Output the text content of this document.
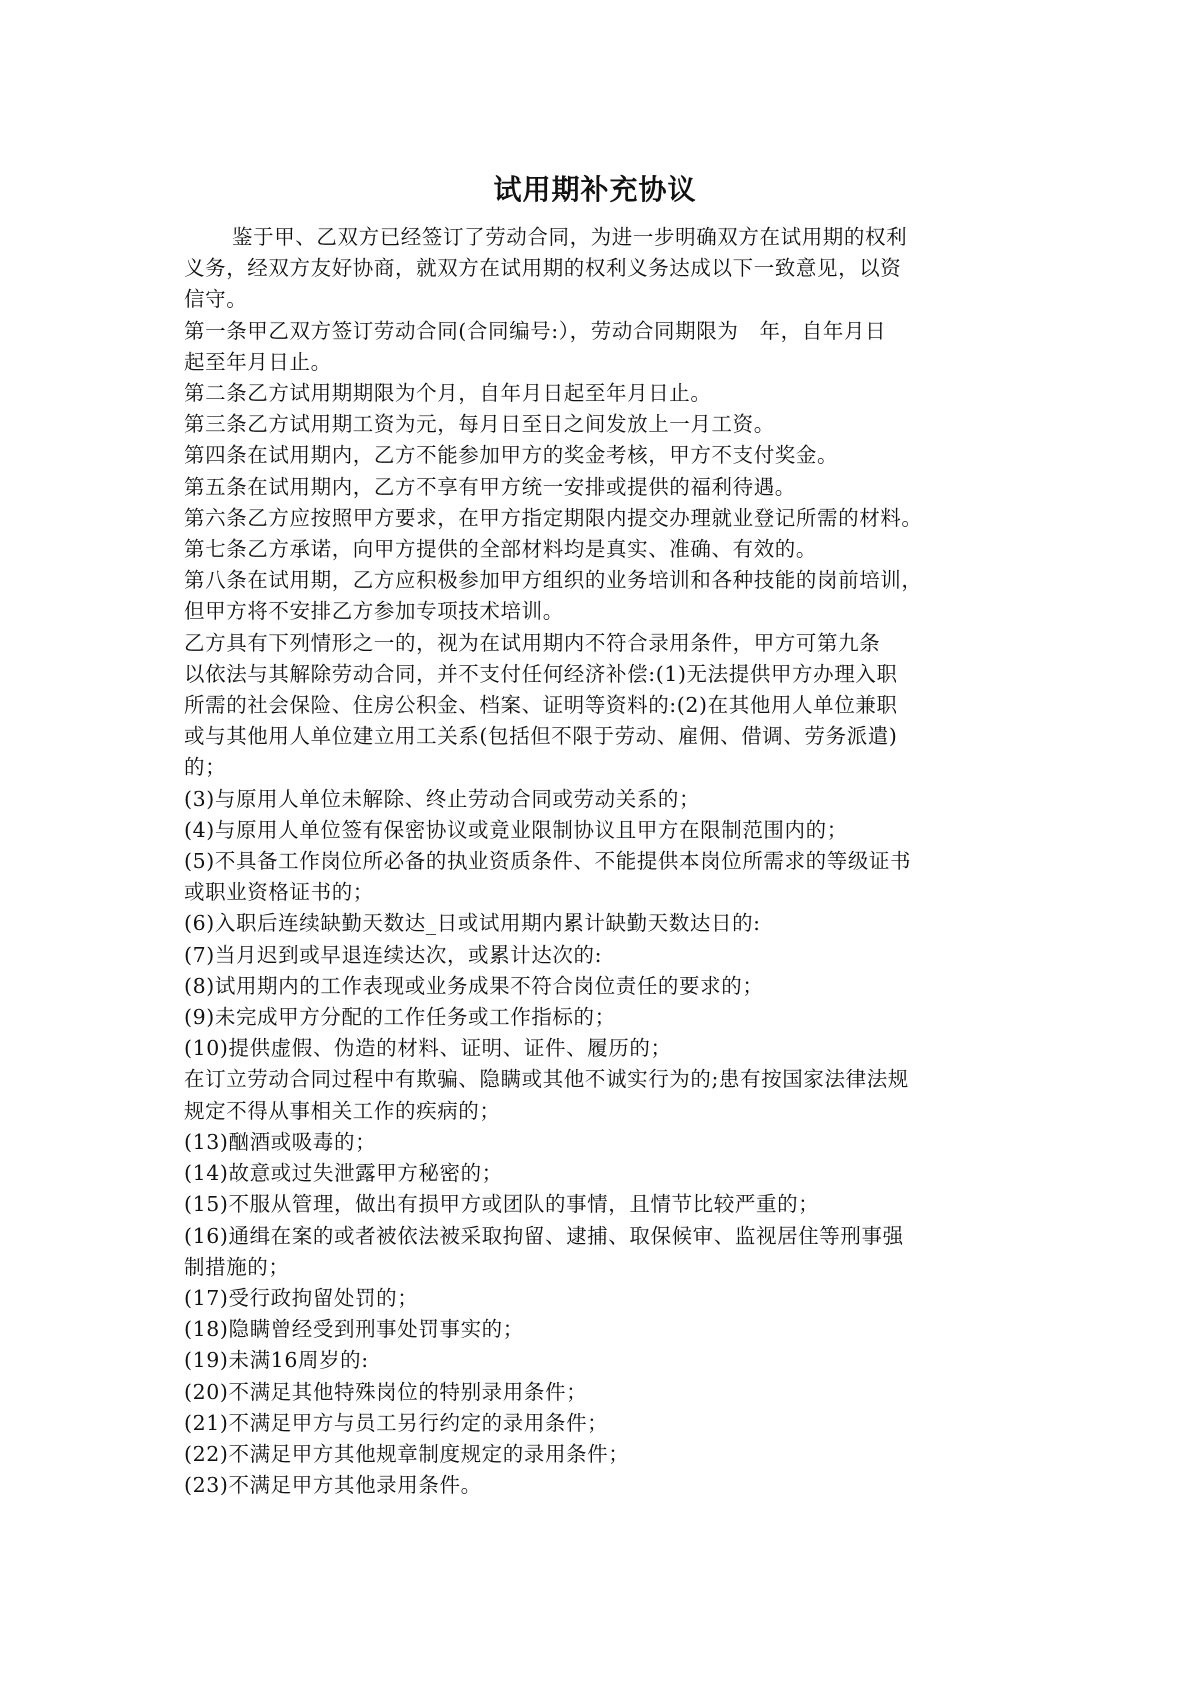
试用期补充协议

鉴于甲、乙双方已经签订了劳动合同，为进一步明确双方在试用期的权利

义务，经双方友好协商，就双方在试用期的权利义务达成以下一致意见，以资

信守。

第一条甲乙双方签订劳动合同(合同编号:），劳动合同期限为　年，自年月日

起至年月日止。

第二条乙方试用期期限为个月，自年月日起至年月日止。

第三条乙方试用期工资为元，每月日至日之间发放上一月工资。

第四条在试用期内，乙方不能参加甲方的奖金考核，甲方不支付奖金。

第五条在试用期内，乙方不享有甲方统一安排或提供的福利待遇。

第六条乙方应按照甲方要求，在甲方指定期限内提交办理就业登记所需的材料。

第七条乙方承诺，向甲方提供的全部材料均是真实、准确、有效的。

第八条在试用期，乙方应积极参加甲方组织的业务培训和各种技能的岗前培训，

但甲方将不安排乙方参加专项技术培训。

乙方具有下列情形之一的，视为在试用期内不符合录用条件，甲方可第九条

以依法与其解除劳动合同，并不支付任何经济补偿:(1)无法提供甲方办理入职

所需的社会保险、住房公积金、档案、证明等资料的:(2)在其他用人单位兼职

或与其他用人单位建立用工关系(包括但不限于劳动、雇佣、借调、劳务派遣)

的；

(3)与原用人单位未解除、终止劳动合同或劳动关系的；

(4)与原用人单位签有保密协议或竟业限制协议且甲方在限制范围内的；

(5)不具备工作岗位所必备的执业资质条件、不能提供本岗位所需求的等级证书

或职业资格证书的；

(6)入职后连续缺勤天数达_日或试用期内累计缺勤天数达日的:

(7)当月迟到或早退连续达次，或累计达次的:

(8)试用期内的工作表现或业务成果不符合岗位责任的要求的；

(9)未完成甲方分配的工作任务或工作指标的；

(10)提供虚假、伪造的材料、证明、证件、履历的；

在订立劳动合同过程中有欺骗、隐瞒或其他不诚实行为的;患有按国家法律法规

规定不得从事相关工作的疾病的；

(13)酗酒或吸毒的；

(14)故意或过失泄露甲方秘密的；

(15)不服从管理，做出有损甲方或团队的事情，且情节比较严重的；

(16)通缉在案的或者被依法被采取拘留、逮捕、取保候审、监视居住等刑事强

制措施的；

(17)受行政拘留处罚的；

(18)隐瞒曾经受到刑事处罚事实的；

(19)未满16周岁的:

(20)不满足其他特殊岗位的特别录用条件；

(21)不满足甲方与员工另行约定的录用条件；

(22)不满足甲方其他规章制度规定的录用条件；

(23)不满足甲方其他录用条件。
